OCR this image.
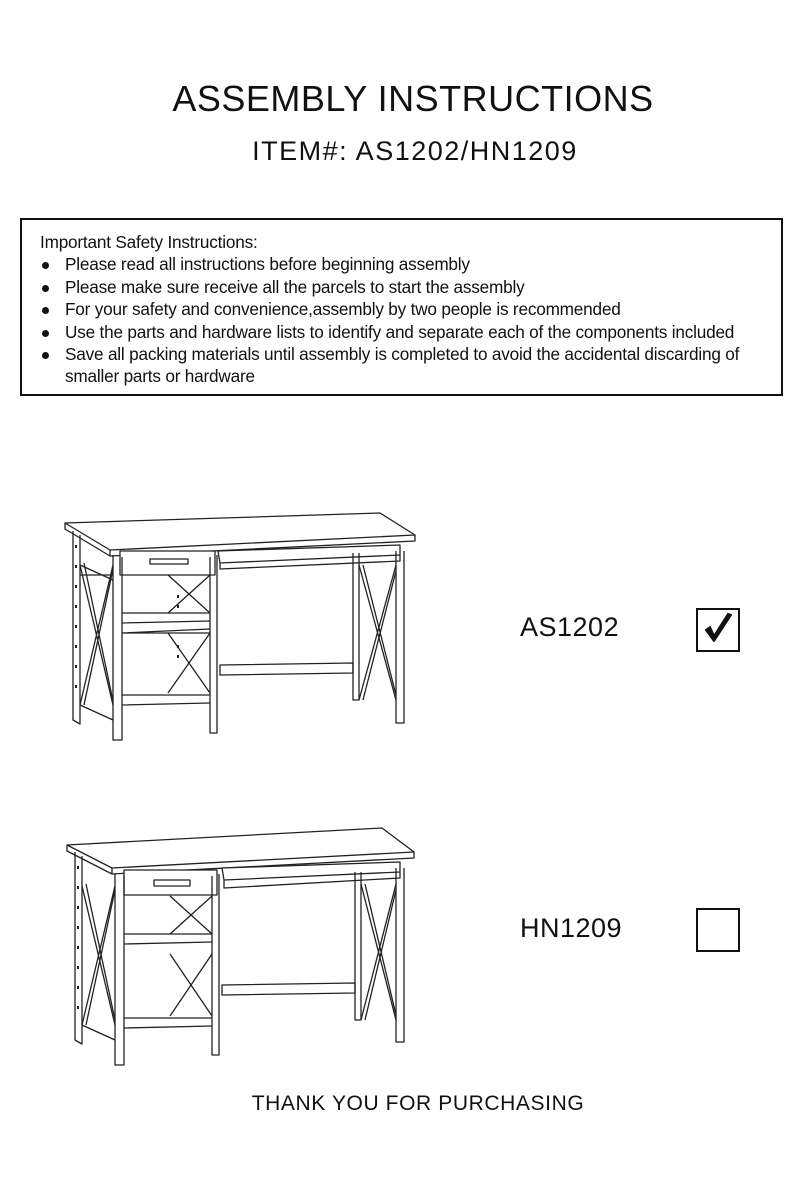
ASSEMBLY INSTRUCTIONS
ITEM#: AS1202/HN1209
Important Safety Instructions:
Please read all instructions before beginning assembly
Please make sure receive all the parcels to start the assembly
For your safety and convenience,assembly by two people is recommended
Use the parts and hardware lists to identify and separate each of the components included
Save all packing materials until assembly is completed to avoid the accidental discarding of smaller parts or hardware
AS1202
HN1209
THANK YOU FOR PURCHASING
